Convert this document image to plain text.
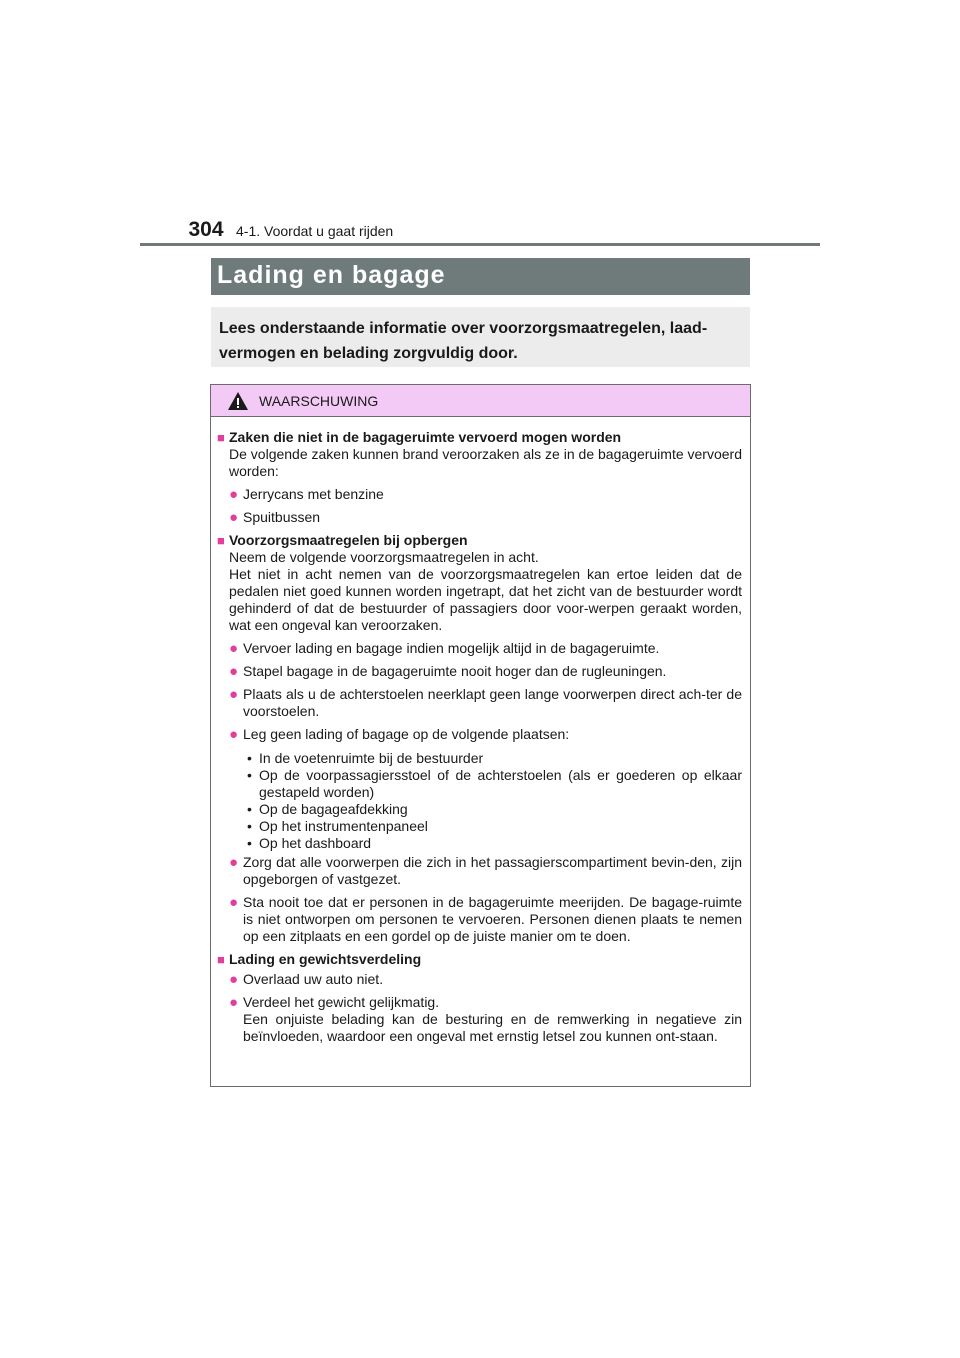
304 4-1. Voordat u gaat rijden
Lading en bagage

Lees onderstaande informatie over voorzorgsmaatregelen, laad-vermogen en belading zorgvuldig door.

WAARSCHUWING
■ Zaken die niet in de bagageruimte vervoerd mogen worden
De volgende zaken kunnen brand veroorzaken als ze in de bagageruimte vervoerd worden:
● Jerrycans met benzine
● Spuitbussen
■ Voorzorgsmaatregelen bij opbergen
Neem de volgende voorzorgsmaatregelen in acht.
Het niet in acht nemen van de voorzorgsmaatregelen kan ertoe leiden dat de pedalen niet goed kunnen worden ingetrapt, dat het zicht van de bestuurder wordt gehinderd of dat de bestuurder of passagiers door voor-werpen geraakt worden, wat een ongeval kan veroorzaken.
● Vervoer lading en bagage indien mogelijk altijd in de bagageruimte.
● Stapel bagage in de bagageruimte nooit hoger dan de rugleuningen.
● Plaats als u de achterstoelen neerklapt geen lange voorwerpen direct ach-ter de voorstoelen.
● Leg geen lading of bagage op de volgende plaatsen:
• In de voetenruimte bij de bestuurder
• Op de voorpassagiersstoel of de achterstoelen (als er goederen op elkaar gestapeld worden)
• Op de bagageafdekking
• Op het instrumentenpaneel
• Op het dashboard
● Zorg dat alle voorwerpen die zich in het passagierscompartiment bevin-den, zijn opgeborgen of vastgezet.
● Sta nooit toe dat er personen in de bagageruimte meerijden. De bagage-ruimte is niet ontworpen om personen te vervoeren. Personen dienen plaats te nemen op een zitplaats en een gordel op de juiste manier om te doen.
■ Lading en gewichtsverdeling
● Overlaad uw auto niet.
● Verdeel het gewicht gelijkmatig.
Een onjuiste belading kan de besturing en de remwerking in negatieve zin beïnvloeden, waardoor een ongeval met ernstig letsel zou kunnen ont-staan.
